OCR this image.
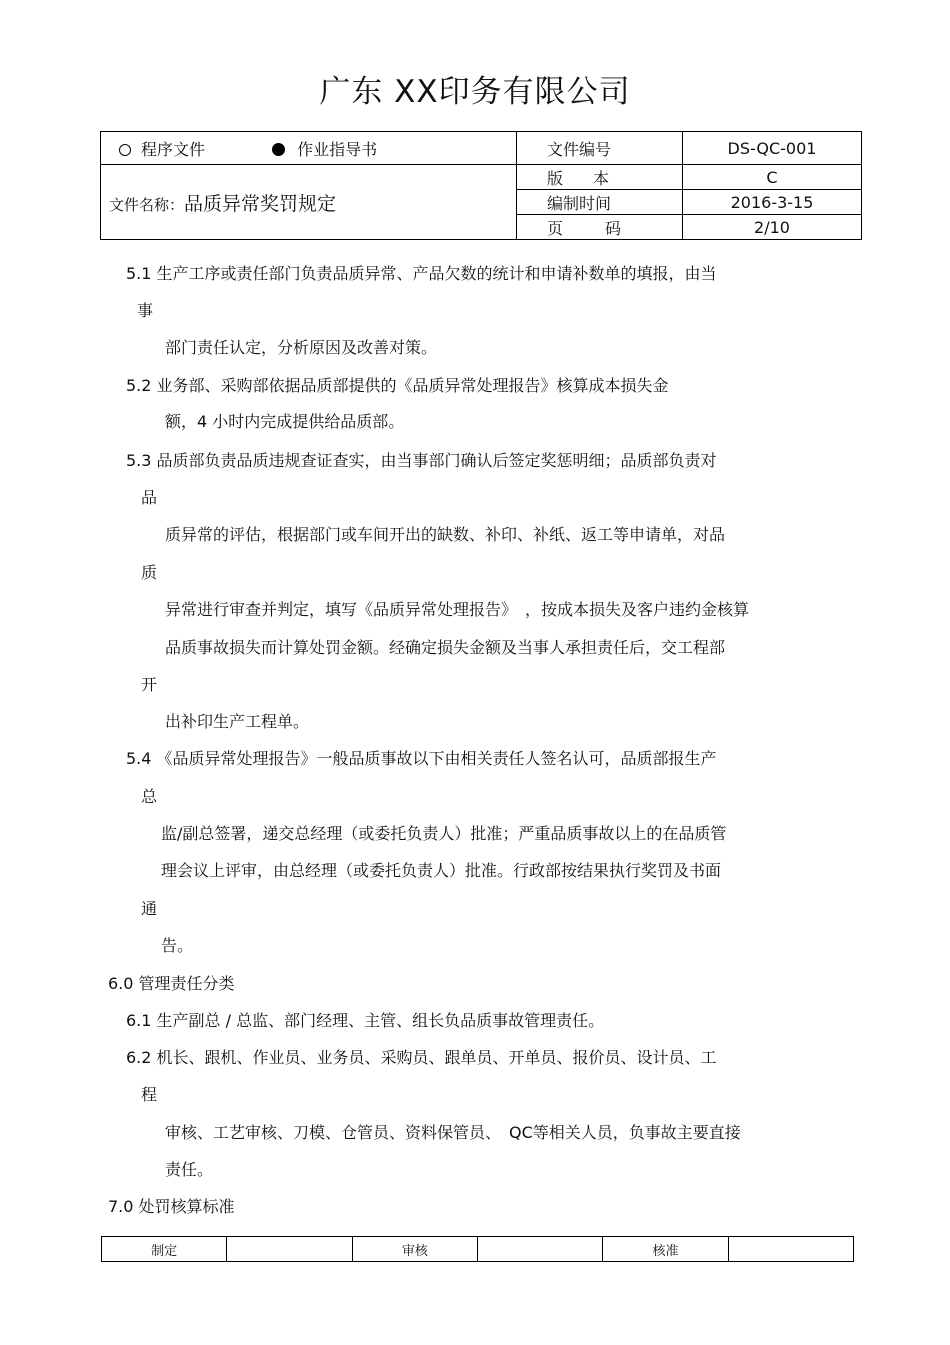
广东 XX印务有限公司
程序文件 作业指导书	文件编号	DS-QC-001
文件名称：品质异常奖罚规定	版本	C
	编制时间	2016-3-15
	页码	2/10
5.1 生产工序或责任部门负责品质异常、产品欠数的统计和申请补数单的填报，由当
事
部门责任认定，分析原因及改善对策。
5.2 业务部、采购部依据品质部提供的《品质异常处理报告》核算成本损失金
额，4 小时内完成提供给品质部。
5.3 品质部负责品质违规查证查实，由当事部门确认后签定奖惩明细；品质部负责对
品
质异常的评估，根据部门或车间开出的缺数、补印、补纸、返工等申请单，对品
质
异常进行审查并判定，填写《品质异常处理报告》　，按成本损失及客户违约金核算
品质事故损失而计算处罚金额。经确定损失金额及当事人承担责任后，交工程部
开
出补印生产工程单。
5.4 《品质异常处理报告》一般品质事故以下由相关责任人签名认可，品质部报生产
总
监/副总签署，递交总经理（或委托负责人）批准；严重品质事故以上的在品质管
理会议上评审，由总经理（或委托负责人）批准。行政部按结果执行奖罚及书面
通
告。
6.0 管理责任分类
6.1 生产副总 / 总监、部门经理、主管、组长负品质事故管理责任。
6.2 机长、跟机、作业员、业务员、采购员、跟单员、开单员、报价员、设计员、工
程
审核、工艺审核、刀模、仓管员、资料保管员、　QC等相关人员，负事故主要直接
责任。
7.0 处罚核算标准
制定		审核		核准	
